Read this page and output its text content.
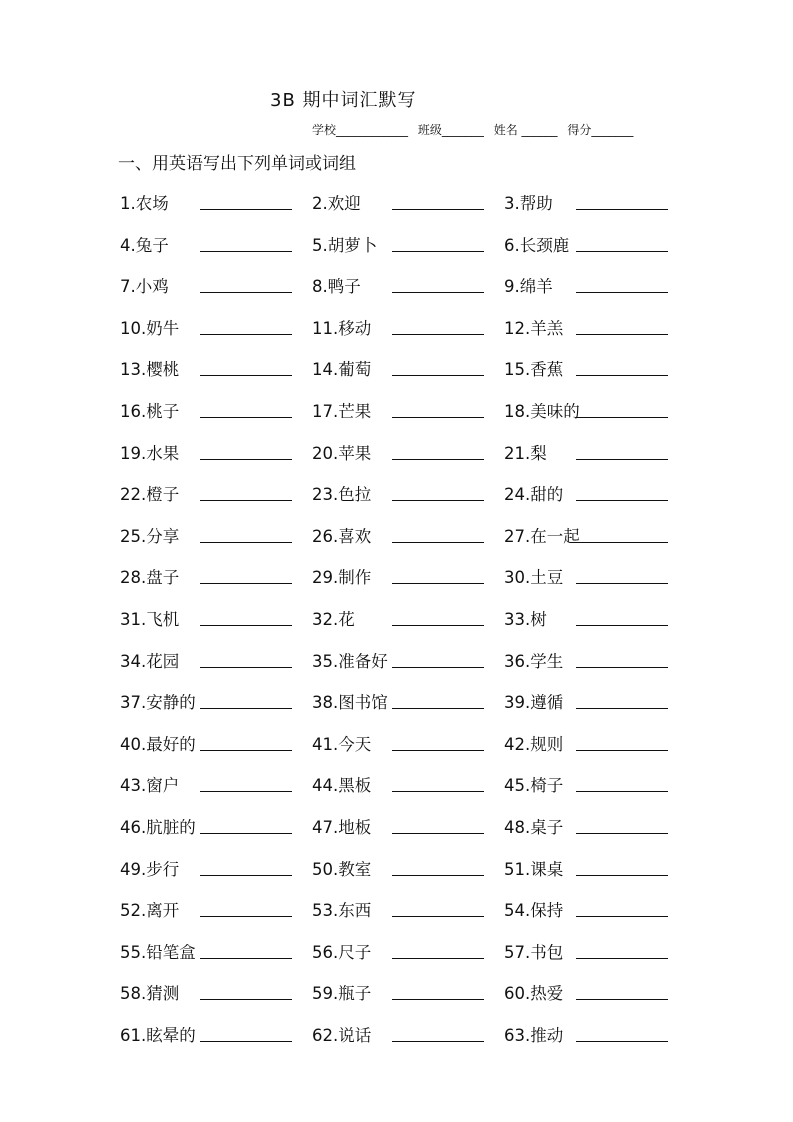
3B 期中词汇默写
学校____________ 班级_______ 姓名 ______ 得分_______
一、用英语写出下列单词或词组
1.农场	2.欢迎	3.帮助
4.兔子	5.胡萝卜	6.长颈鹿
7.小鸡	8.鸭子	9.绵羊
10.奶牛	11.移动	12.羊羔
13.樱桃	14.葡萄	15.香蕉
16.桃子	17.芒果	18.美味的
19.水果	20.苹果	21.梨
22.橙子	23.色拉	24.甜的
25.分享	26.喜欢	27.在一起
28.盘子	29.制作	30.土豆
31.飞机	32.花	33.树
34.花园	35.准备好	36.学生
37.安静的	38.图书馆	39.遵循
40.最好的	41.今天	42.规则
43.窗户	44.黑板	45.椅子
46.肮脏的	47.地板	48.桌子
49.步行	50.教室	51.课桌
52.离开	53.东西	54.保持
55.铅笔盒	56.尺子	57.书包
58.猜测	59.瓶子	60.热爱
61.眩晕的	62.说话	63.推动
